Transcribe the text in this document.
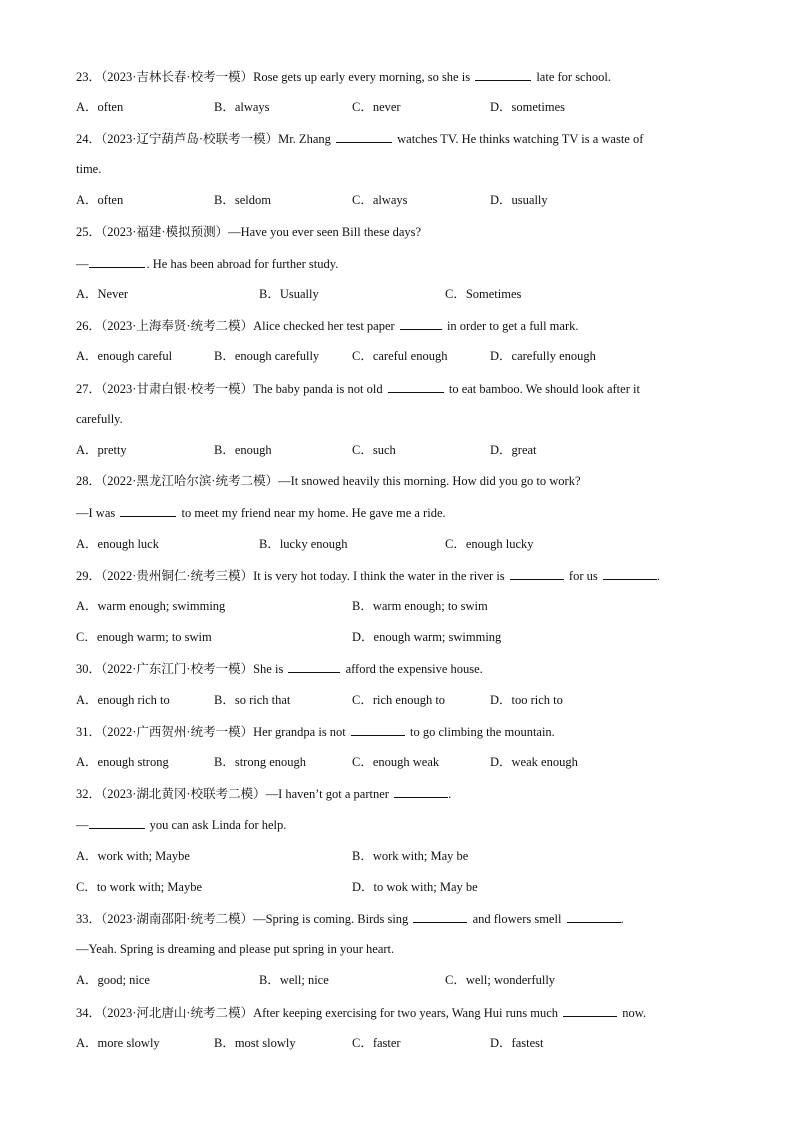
23．（2023·吉林长春·校考一模）Rose gets up early every morning, so she is	late for school.
A．often	B．always	C．never	D．sometimes
24．（2023·辽宁葫芦岛·校联考一模）Mr. Zhang	watches TV. He thinks watching TV is a waste of
time.
A．often	B．seldom	C．always	D．usually
25．（2023·福建·模拟预测）—Have you ever seen Bill these days?
—	. He has been abroad for further study.
A．Never	B．Usually	C．Sometimes
26．（2023·上海奉贤·统考二模）Alice checked her test paper	in order to get a full mark.
A．enough careful	B．enough carefully	C．careful enough	D．carefully enough
27．（2023·甘肃白银·校考一模）The baby panda is not old	to eat bamboo. We should look after it
carefully.
A．pretty	B．enough	C．such	D．great
28．（2022·黑龙江哈尔滨·统考二模）—It snowed heavily this morning. How did you go to work?
—I was	to meet my friend near my home. He gave me a ride.
A．enough luck	B．lucky enough	C．enough lucky
29．（2022·贵州铜仁·统考三模）It is very hot today. I think the water in the river is	for us	.
A．warm enough; swimming	B．warm enough; to swim
C．enough warm; to swim	D．enough warm; swimming
30．（2022·广东江门·校考一模）She is	afford the expensive house.
A．enough rich to	B．so rich that	C．rich enough to	D．too rich to
31．（2022·广西贺州·统考一模）Her grandpa is not	to go climbing the mountain.
A．enough strong	B．strong enough	C．enough weak	D．weak enough
32．（2023·湖北黄冈·校联考二模）—I haven’t got a partner	.
—	you can ask Linda for help.
A．work with; Maybe	B．work with; May be
C．to work with; Maybe	D．to wok with; May be
33．（2023·湖南邵阳·统考二模）—Spring is coming. Birds sing	and flowers smell	.
—Yeah. Spring is dreaming and please put spring in your heart.
A．good; nice	B．well; nice	C．well; wonderfully
34．（2023·河北唐山·统考二模）After keeping exercising for two years, Wang Hui runs much	now.
A．more slowly	B．most slowly	C．faster	D．fastest
